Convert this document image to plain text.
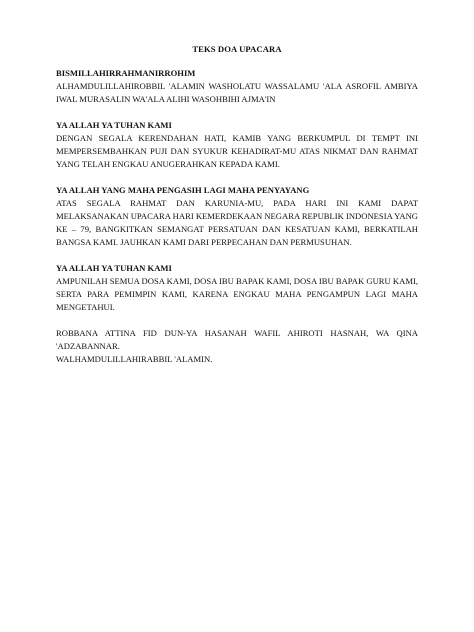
TEKS DOA UPACARA

BISMILLAHIRRAHMANIRROHIM

ALHAMDULILLAHIROBBIL 'ALAMIN WASHOLATU WASSALAMU 'ALA ASROFIL AMBIYA IWAL MURASALIN WA'ALA ALIHI WASOHBIHI AJMA'IN

YA ALLAH YA TUHAN KAMI

DENGAN SEGALA KERENDAHAN HATI, KAMIB YANG BERKUMPUL DI TEMPT INI MEMPERSEMBAHKAN PUJI DAN SYUKUR KEHADIRAT-MU ATAS NIKMAT DAN RAHMAT YANG TELAH ENGKAU ANUGERAHKAN KEPADA KAMI.

YA ALLAH YANG MAHA PENGASIH LAGI MAHA PENYAYANG

ATAS SEGALA RAHMAT DAN KARUNIA-MU, PADA HARI INI KAMI DAPAT MELAKSANAKAN UPACARA HARI KEMERDEKAAN NEGARA REPUBLIK INDONESIA YANG KE – 79, BANGKITKAN SEMANGAT PERSATUAN DAN KESATUAN KAMI, BERKATILAH BANGSA KAMI. JAUHKAN KAMI DARI PERPECAHAN DAN PERMUSUHAN.

YA ALLAH YA TUHAN KAMI

AMPUNILAH SEMUA DOSA KAMI, DOSA IBU BAPAK KAMI, DOSA IBU BAPAK GURU KAMI, SERTA PARA PEMIMPIN KAMI, KARENA ENGKAU MAHA PENGAMPUN LAGI MAHA MENGETAHUI.

ROBBANA ATTINA FID DUN-YA HASANAH WAFIL AHIROTI HASNAH, WA QINA 'ADZABANNAR.

WALHAMDULILLAHIRABBIL 'ALAMIN.
